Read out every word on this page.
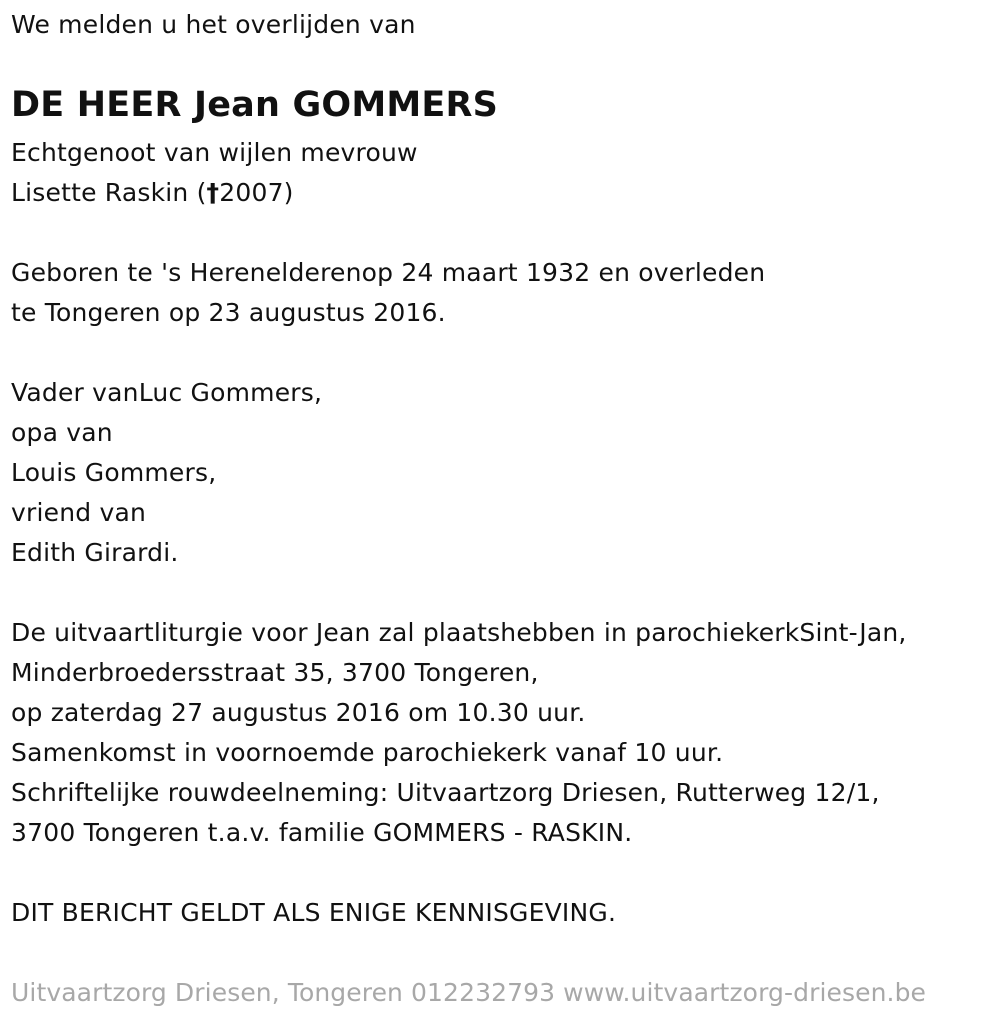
We melden u het overlijden van
DE HEER Jean GOMMERS
Echtgenoot van wijlen mevrouw
Lisette Raskin (†2007)
Geboren te 's Herenelderenop 24 maart 1932 en overleden
te Tongeren op 23 augustus 2016.
Vader vanLuc Gommers,
opa van
Louis Gommers,
vriend van
Edith Girardi.
De uitvaartliturgie voor Jean zal plaatshebben in parochiekerkSint-Jan,
Minderbroedersstraat 35, 3700 Tongeren,
op zaterdag 27 augustus 2016 om 10.30 uur.
Samenkomst in voornoemde parochiekerk vanaf 10 uur.
Schriftelijke rouwdeelneming: Uitvaartzorg Driesen, Rutterweg 12/1,
3700 Tongeren t.a.v. familie GOMMERS - RASKIN.
DIT BERICHT GELDT ALS ENIGE KENNISGEVING.
Uitvaartzorg Driesen, Tongeren 012232793 www.uitvaartzorg-driesen.be
